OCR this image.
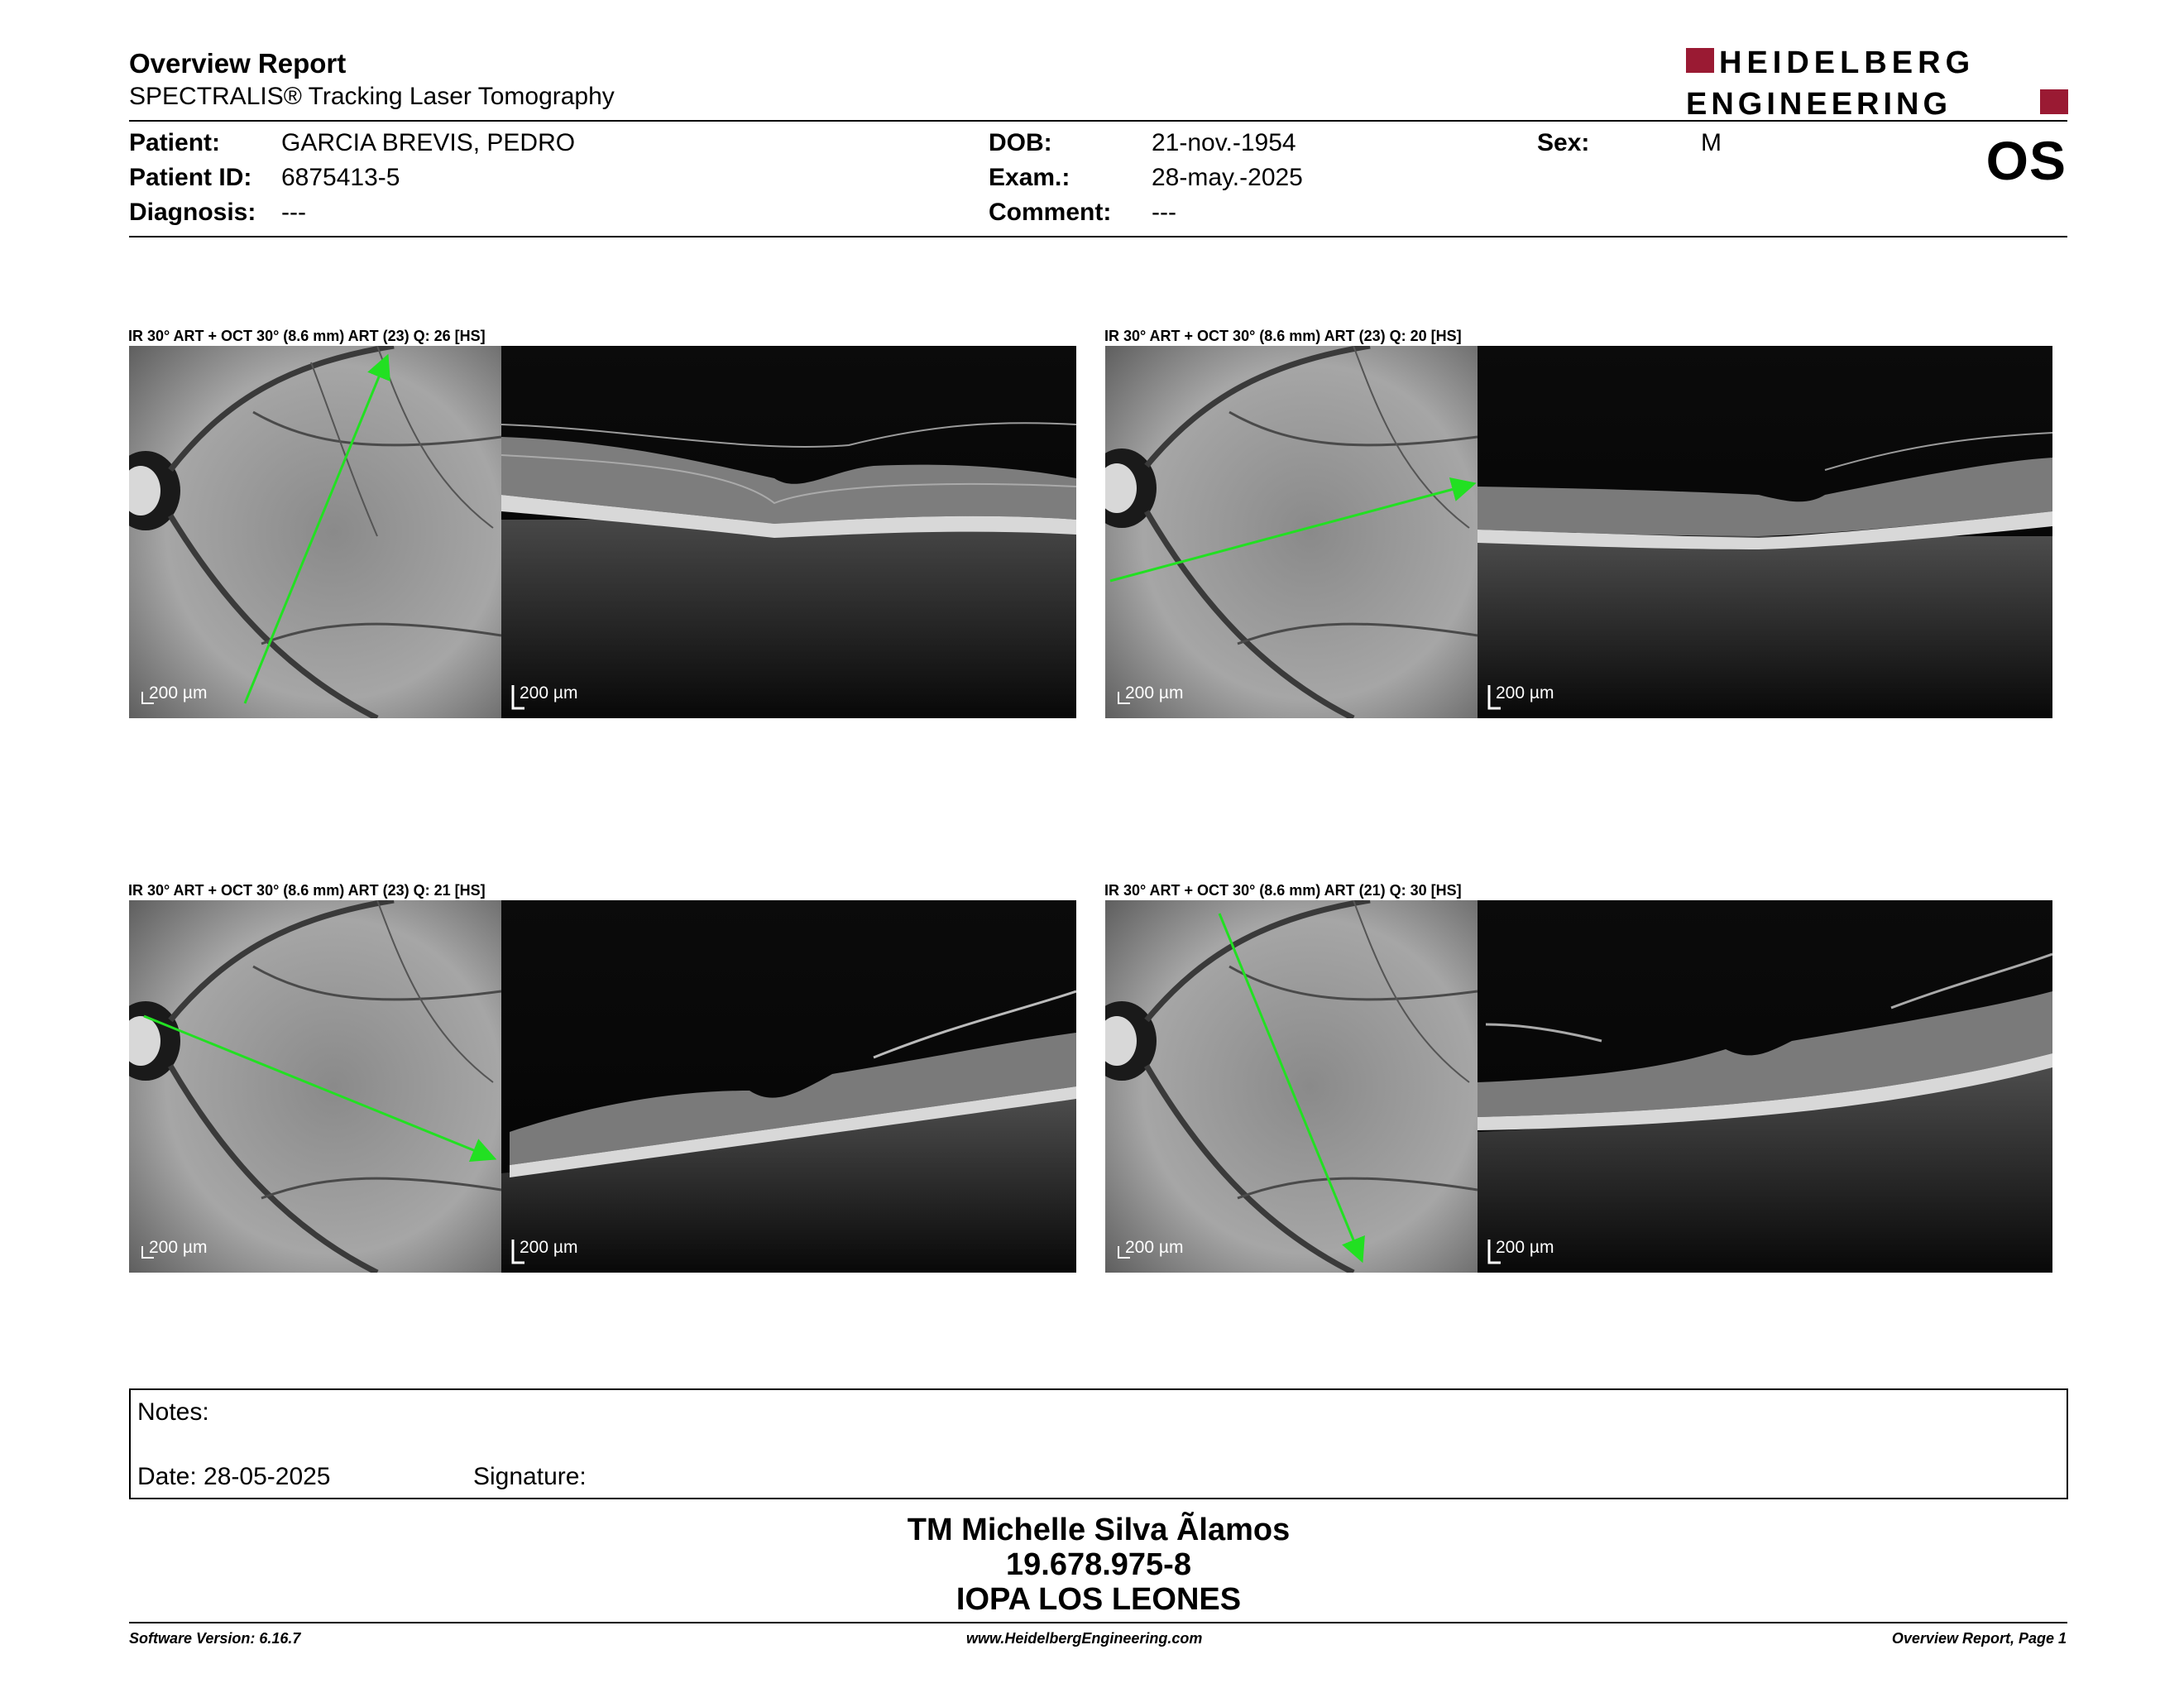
Overview Report
SPECTRALIS® Tracking Laser Tomography
HEIDELBERG
ENGINEERING
Patient: GARCIA BREVIS, PEDRO
Patient ID: 6875413-5
Diagnosis: ---
DOB:	21-nov.-1954
Exam.:	28-may.-2025
Comment: ---
Sex:	M	OS
IR 30° ART + OCT 30° (8.6 mm) ART (23) Q: 26 [HS]
200 µm	200 µm
IR 30° ART + OCT 30° (8.6 mm) ART (23) Q: 20 [HS]
200 µm	200 µm
IR 30° ART + OCT 30° (8.6 mm) ART (23) Q: 21 [HS]
200 µm	200 µm
IR 30° ART + OCT 30° (8.6 mm) ART (21) Q: 30 [HS]
200 µm	200 µm
Notes:
Date: 28-05-2025	Signature:
TM Michelle Silva Ãlamos
19.678.975-8
IOPA LOS LEONES
Software Version: 6.16.7	www.HeidelbergEngineering.com	Overview Report, Page 1
